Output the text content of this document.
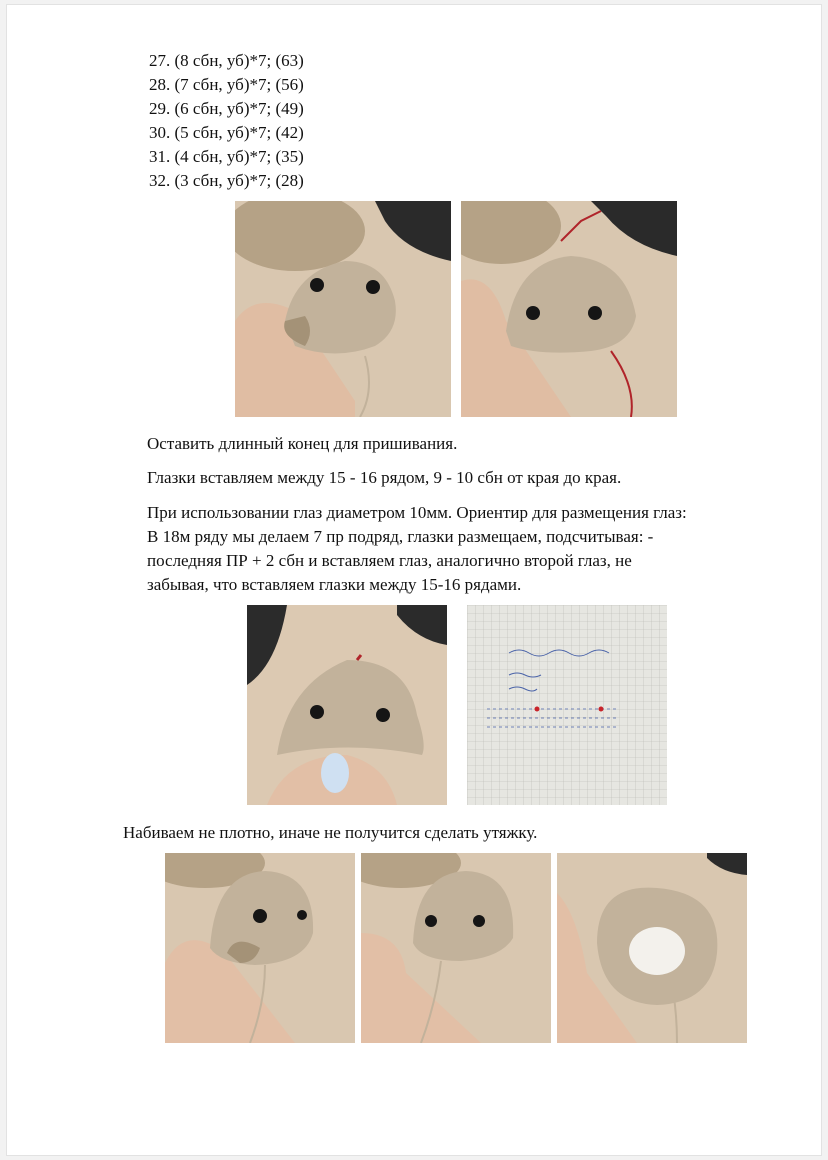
27. (8 сбн, уб)*7; (63)
28. (7 сбн, уб)*7; (56)
29. (6 сбн, уб)*7; (49)
30. (5 сбн, уб)*7; (42)
31. (4 сбн, уб)*7; (35)
32. (3 сбн, уб)*7; (28)

Оставить длинный конец для пришивания.

Глазки вставляем между 15 - 16 рядом, 9 - 10 сбн от края до края.

При использовании глаз диаметром 10мм. Ориентир для размещения глаз:

В 18м ряду мы делаем 7 пр подряд, глазки размещаем, подсчитывая: -

последняя ПР + 2 сбн и вставляем глаз, аналогично второй глаз, не

забывая, что вставляем глазки между 15-16 рядами.

Набиваем не плотно, иначе не получится сделать утяжку.
